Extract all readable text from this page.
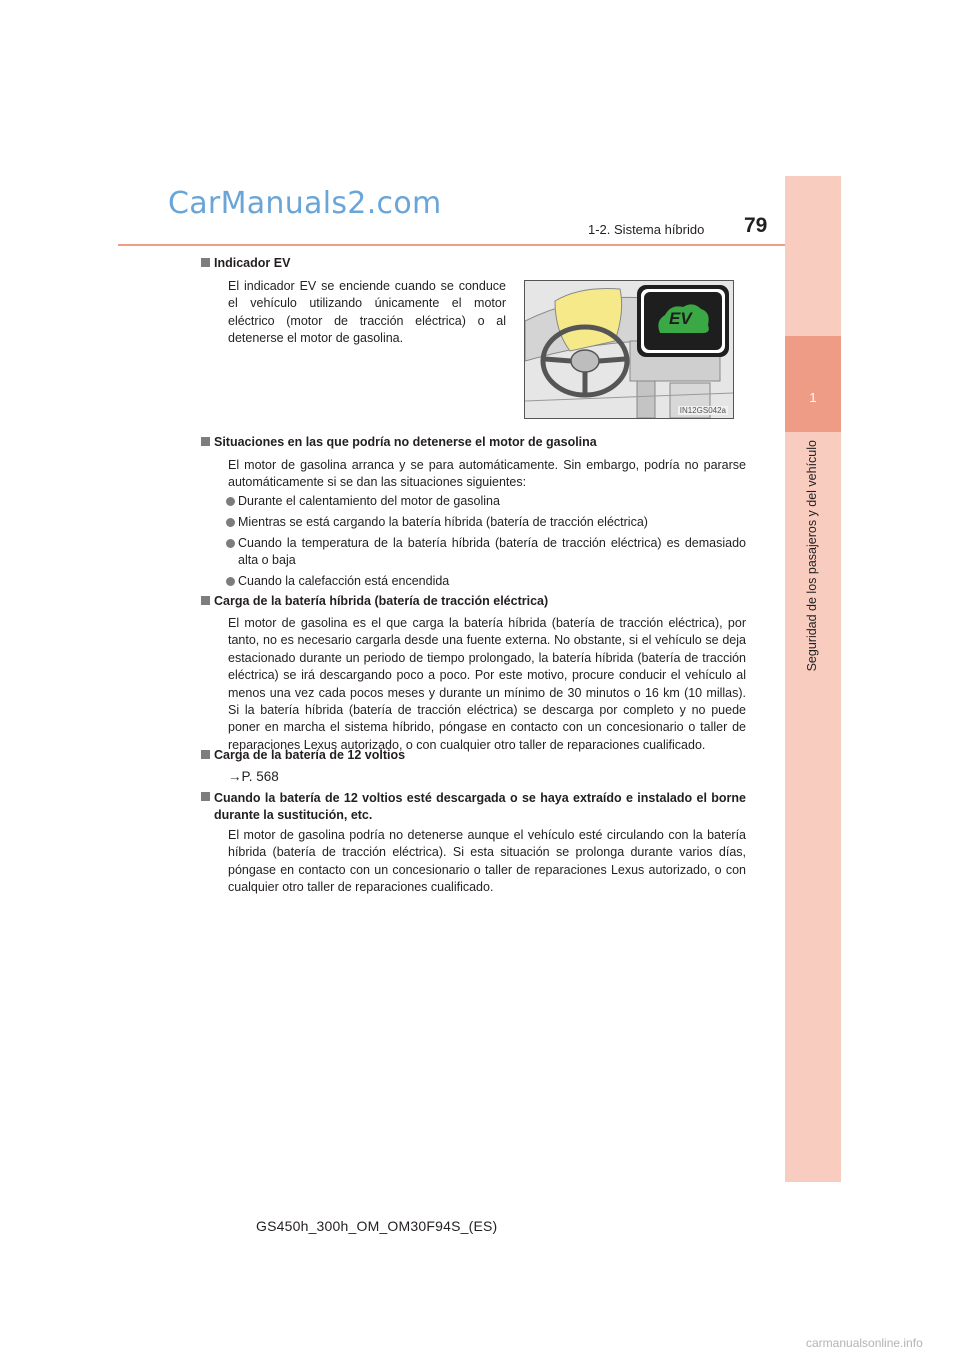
1
Seguridad de los pasajeros y del vehículo
CarManuals2.com
1-2. Sistema híbrido 79
Indicador EV
El indicador EV se enciende cuando se conduce el vehículo utilizando únicamente el motor eléctrico (motor de tracción eléctrica) o al detenerse el motor de gasolina.
EV
IN12GS042a
Situaciones en las que podría no detenerse el motor de gasolina
El motor de gasolina arranca y se para automáticamente. Sin embargo, podría no pararse automáticamente si se dan las situaciones siguientes:
Durante el calentamiento del motor de gasolina
Mientras se está cargando la batería híbrida (batería de tracción eléctrica)
Cuando la temperatura de la batería híbrida (batería de tracción eléctrica) es demasiado alta o baja
Cuando la calefacción está encendida
Carga de la batería híbrida (batería de tracción eléctrica)
El motor de gasolina es el que carga la batería híbrida (batería de tracción eléctrica), por tanto, no es necesario cargarla desde una fuente externa. No obstante, si el vehículo se deja estacionado durante un periodo de tiempo prolongado, la batería híbrida (batería de tracción eléctrica) se irá descargando poco a poco. Por este motivo, procure conducir el vehículo al menos una vez cada pocos meses y durante un mínimo de 30 minutos o 16 km (10 millas). Si la batería híbrida (batería de tracción eléctrica) se descarga por completo y no puede poner en marcha el sistema híbrido, póngase en contacto con un concesionario o taller de reparaciones Lexus autorizado, o con cualquier otro taller de reparaciones cualificado.
Carga de la batería de 12 voltios
→P. 568
Cuando la batería de 12 voltios esté descargada o se haya extraído e instalado el borne durante la sustitución, etc.
El motor de gasolina podría no detenerse aunque el vehículo esté circulando con la batería híbrida (batería de tracción eléctrica). Si esta situación se prolonga durante varios días, póngase en contacto con un concesionario o taller de reparaciones Lexus autorizado, o con cualquier otro taller de reparaciones cualificado.
GS450h_300h_OM_OM30F94S_(ES)
carmanualsonline.info
